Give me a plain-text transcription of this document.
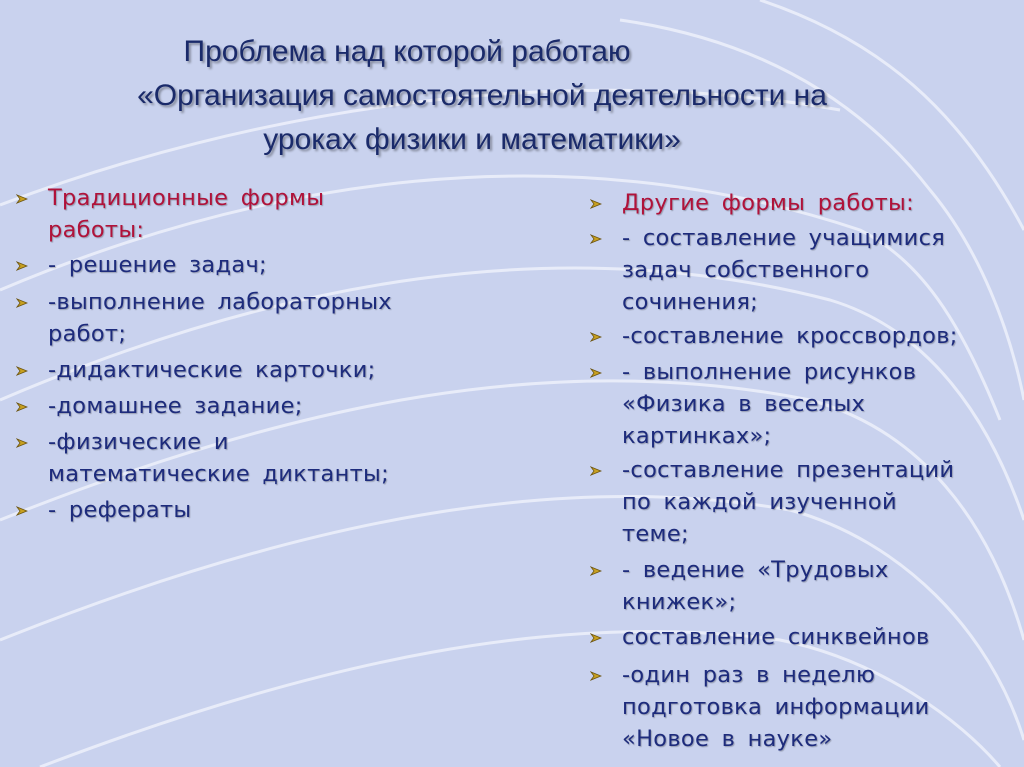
Проблема над которой работаю
«Организация самостоятельной деятельности на
уроках физики и математики»
Традиционные формы
работы:
- решение задач;
-выполнение лабораторных
работ;
-дидактические карточки;
-домашнее задание;
-физические и
математические диктанты;
- рефераты
Другие формы работы:
- составление учащимися
задач собственного
сочинения;
-составление кроссвордов;
- выполнение рисунков
«Физика в веселых
картинках»;
-составление презентаций
по каждой изученной
теме;
- ведение «Трудовых
книжек»;
составление синквейнов
-один раз в неделю
подготовка информации
«Новое в науке»
